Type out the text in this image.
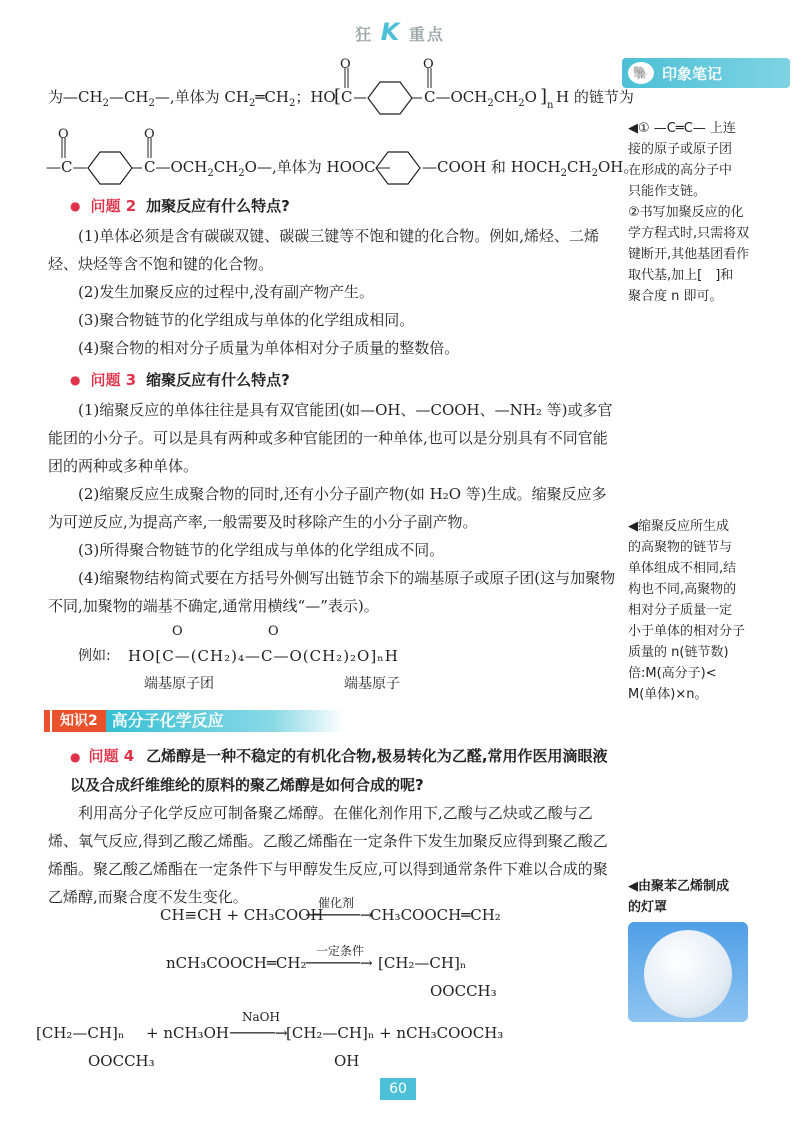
狂 K 重点
🐘 印象笔记
为$—CH_2—CH_2—$,单体为 $CH_2═CH_2$；HO
[ C
O
$C—OCH_2CH_2O$
O
] n H 的链节为
—C—
O
$C—OCH_2CH_2O—$,单体为 HOOC—
O
—COOH 和 $HOCH_2CH_2OH$。
● 问题 2 加聚反应有什么特点?

(1)单体必须是含有碳碳双键、碳碳三键等不饱和键的化合物。例如,烯烃、二烯烃、炔烃等含不饱和键的化合物。

(2)发生加聚反应的过程中,没有副产物产生。

(3)聚合物链节的化学组成与单体的化学组成相同。

(4)聚合物的相对分子质量为单体相对分子质量的整数倍。

● 问题 3 缩聚反应有什么特点?

(1)缩聚反应的单体往往是具有双官能团(如—OH、—COOH、—NH₂ 等)或多官能团的小分子。可以是具有两种或多种官能团的一种单体,也可以是分别具有不同官能团的两种或多种单体。

(2)缩聚反应生成聚合物的同时,还有小分子副产物(如 H₂O 等)生成。缩聚反应多为可逆反应,为提高产率,一般需要及时移除产生的小分子副产物。

(3)所得聚合物链节的化学组成与单体的化学组成不同。

(4)缩聚物结构简式要在方括号外侧写出链节余下的端基原子或原子团(这与加聚物不同,加聚物的端基不确定,通常用横线“—”表示)。

例如: HO[C—(CH₂)₄—C—O(CH₂)₂O]ₙH
O	O
端基原子团	端基原子
知识2 高分子化学反应
● 问题 4 乙烯醇是一种不稳定的有机化合物,极易转化为乙醛,常用作医用滴眼液以及合成纤维维纶的原料的聚乙烯醇是如何合成的呢?

利用高分子化学反应可制备聚乙烯醇。在催化剂作用下,乙酸与乙炔或乙酸与乙烯、氧气反应,得到乙酸乙烯酯。乙酸乙烯酯在一定条件下发生加聚反应得到聚乙酸乙烯酯。聚乙酸乙烯酯在一定条件下与甲醇发生反应,可以得到通常条件下难以合成的聚乙烯醇,而聚合度不发生变化。

CH≡CH + CH₃COOH
催化剂
──────→
CH₃COOCH═CH₂
nCH₃COOCH═CH₂
一定条件
──────→ [CH₂—CH]ₙ
OOCCH₃
[CH₂—CH]ₙ
OOCCH₃
+ nCH₃OH
NaOH
─────→
[CH₂—CH]ₙ + nCH₃COOCH₃
OH
◀① —C═C— 上连
接的原子或原子团
在形成的高分子中
只能作支链。
②书写加聚反应的化
学方程式时,只需将双
键断开,其他基团看作
取代基,加上[　]和
聚合度 n 即可。
◀缩聚反应所生成
的高聚物的链节与
单体组成不相同,结
构也不同,高聚物的
相对分子质量一定
小于单体的相对分子
质量的 n(链节数)
倍:M(高分子)<
M(单体)×n。
◀由聚苯乙烯制成
的灯罩
60
